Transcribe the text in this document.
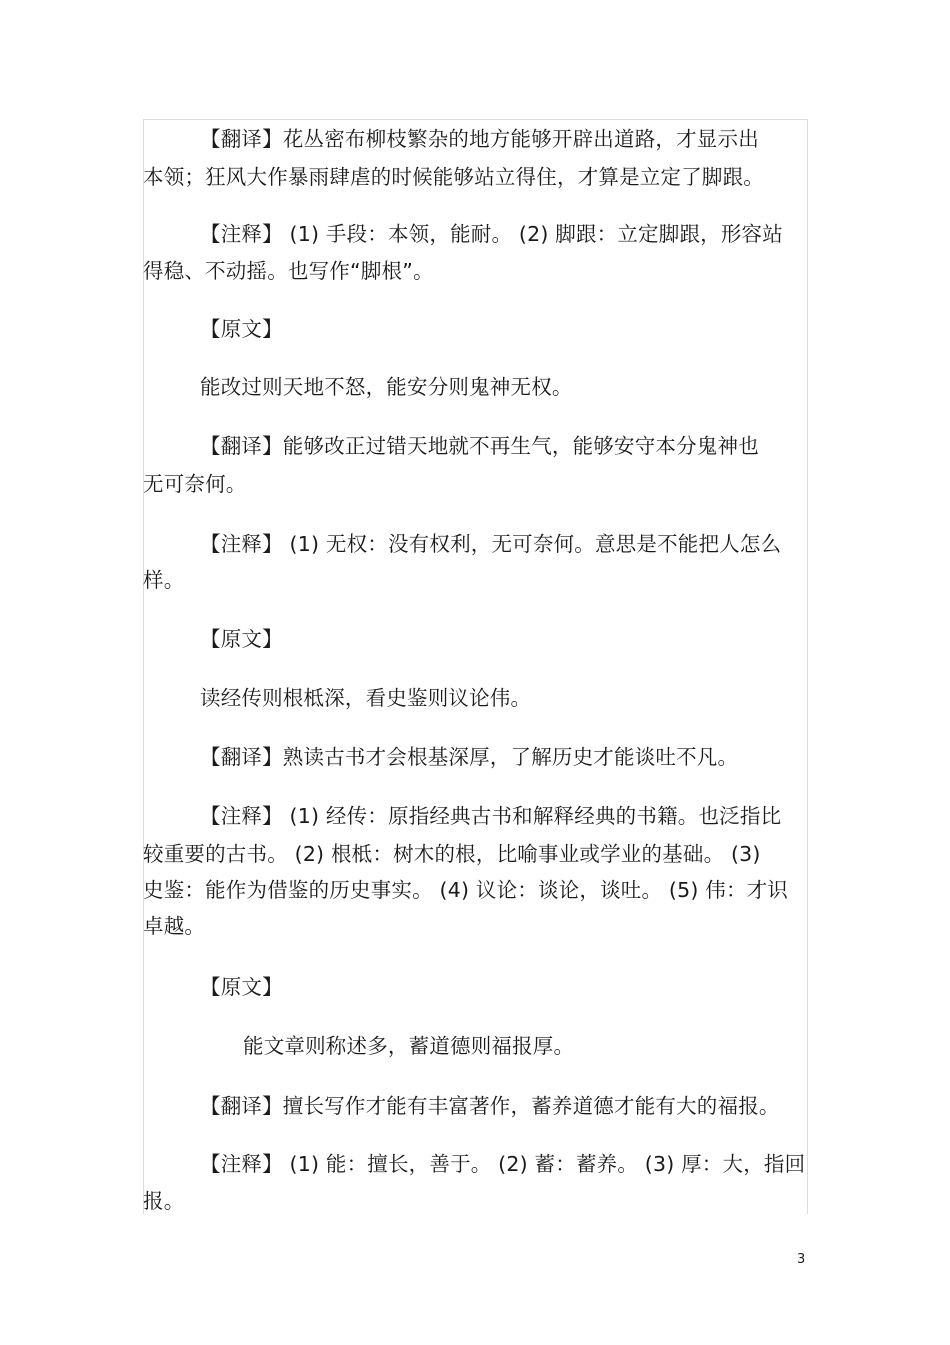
【翻译】花丛密布柳枝繁杂的地方能够开辟出道路，才显示出
本领；狂风大作暴雨肆虐的时候能够站立得住，才算是立定了脚跟。
【注释】 (1) 手段：本领，能耐。 (2) 脚跟：立定脚跟，形容站
得稳、不动摇。也写作“脚根”。
【原文】
能改过则天地不怒，能安分则鬼神无权。
【翻译】能够改正过错天地就不再生气，能够安守本分鬼神也
无可奈何。
【注释】 (1) 无权：没有权利，无可奈何。意思是不能把人怎么
样。
【原文】
读经传则根柢深，看史鉴则议论伟。
【翻译】熟读古书才会根基深厚，了解历史才能谈吐不凡。
【注释】 (1) 经传：原指经典古书和解释经典的书籍。也泛指比
较重要的古书。 (2) 根柢：树木的根，比喻事业或学业的基础。 (3)
史鉴：能作为借鉴的历史事实。 (4) 议论：谈论，谈吐。 (5) 伟：才识
卓越。
【原文】
能文章则称述多，蓄道德则福报厚。
【翻译】擅长写作才能有丰富著作，蓄养道德才能有大的福报。
【注释】 (1) 能：擅长，善于。 (2) 蓄：蓄养。 (3) 厚：大，指回
报。
3
